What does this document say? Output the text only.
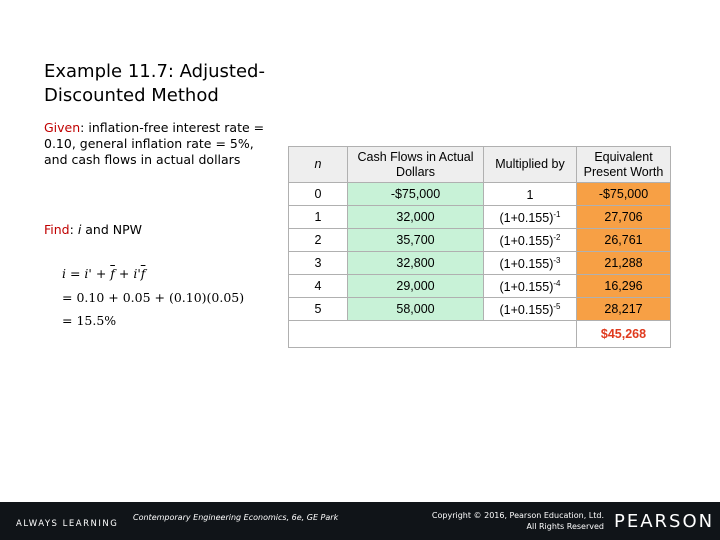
Example 11.7: Adjusted-Discounted Method
Given: inflation-free interest rate = 0.10, general inflation rate = 5%, and cash flows in actual dollars
Find: i and NPW
$i = i' + \overline{f} + i'\overline{f}$
= 0.10 + 0.05 + (0.10)(0.05)
= 15.5%
n	Cash Flows in Actual Dollars	Multiplied by	Equivalent Present Worth
0	-$75,000	1	-$75,000
1	32,000	$(1+0.155)^{-1}$	27,706
2	35,700	$(1+0.155)^{-2}$	26,761
3	32,800	$(1+0.155)^{-3}$	21,288
4	29,000	$(1+0.155)^{-4}$	16,296
5	58,000	$(1+0.155)^{-5}$	28,217
			$45,268
ALWAYS LEARNING
Contemporary Engineering Economics, 6e, GE Park	Copyright © 2016, Pearson Education, Ltd.
All Rights Reserved PEARSON
